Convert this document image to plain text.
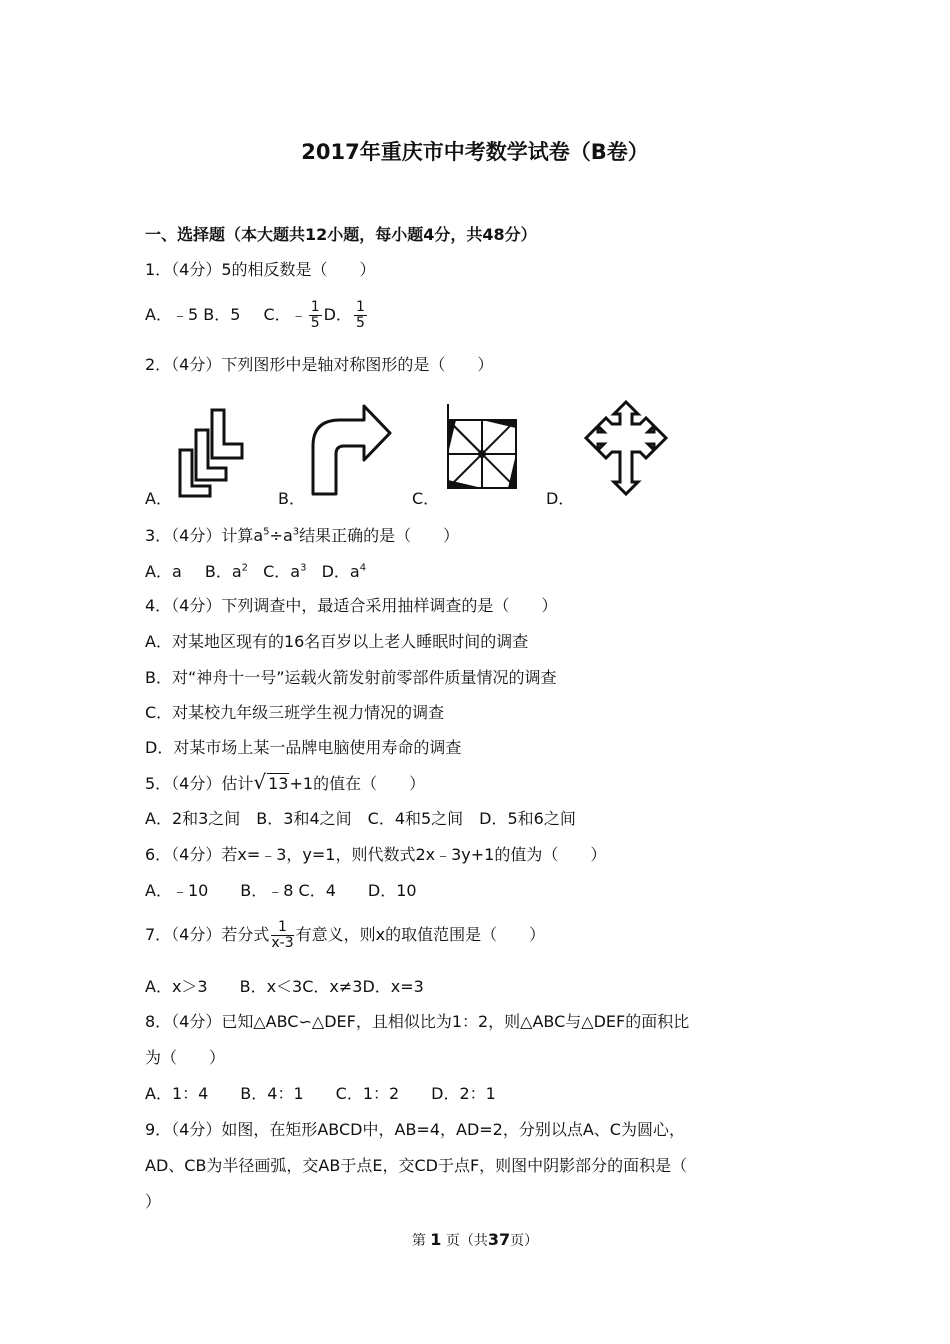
2017年重庆市中考数学试卷（B卷）
一、选择题（本大题共12小题，每小题4分，共48分）
1．（4分）5的相反数是（　　）
A．﹣5 B．5 C．﹣ $\frac{1}{5}$ D． $\frac{1}{5}$
2．（4分）下列图形中是轴对称图形的是（　　）
A．	B．	C．	D．
3．（4分）计算$a^5\div a^3$结果正确的是（　　）
A．a B．$a^2$ C．$a^3$ D．$a^4$
4．（4分）下列调查中，最适合采用抽样调查的是（　　）
A．对某地区现有的16名百岁以上老人睡眠时间的调查
B．对“神舟十一号”运载火箭发射前零部件质量情况的调查
C．对某校九年级三班学生视力情况的调查
D．对某市场上某一品牌电脑使用寿命的调查
5．（4分）估计√ 13+1的值在（　　）
A．2和3之间　B．3和4之间　C．4和5之间　D．5和6之间
6．（4分）若x=﹣3，y=1，则代数式2x﹣3y+1的值为（　　）
A．﹣10　　B．﹣8 C．4　　D．10
7．（4分）若分式 $\frac{1}{x-3}$ 有意义，则x的取值范围是（　　）
A．x＞3　　B．x＜3C．x≠3D．x=3
8．（4分）已知△ABC∽△DEF，且相似比为1：2，则△ABC与△DEF的面积比
为（　　）
A．1：4　　B．4：1　　C．1：2　　D．2：1
9．（4分）如图，在矩形ABCD中，AB=4，AD=2，分别以点A、C为圆心，
AD、CB为半径画弧，交AB于点E，交CD于点F，则图中阴影部分的面积是（
）
第 1 页（共37页）
